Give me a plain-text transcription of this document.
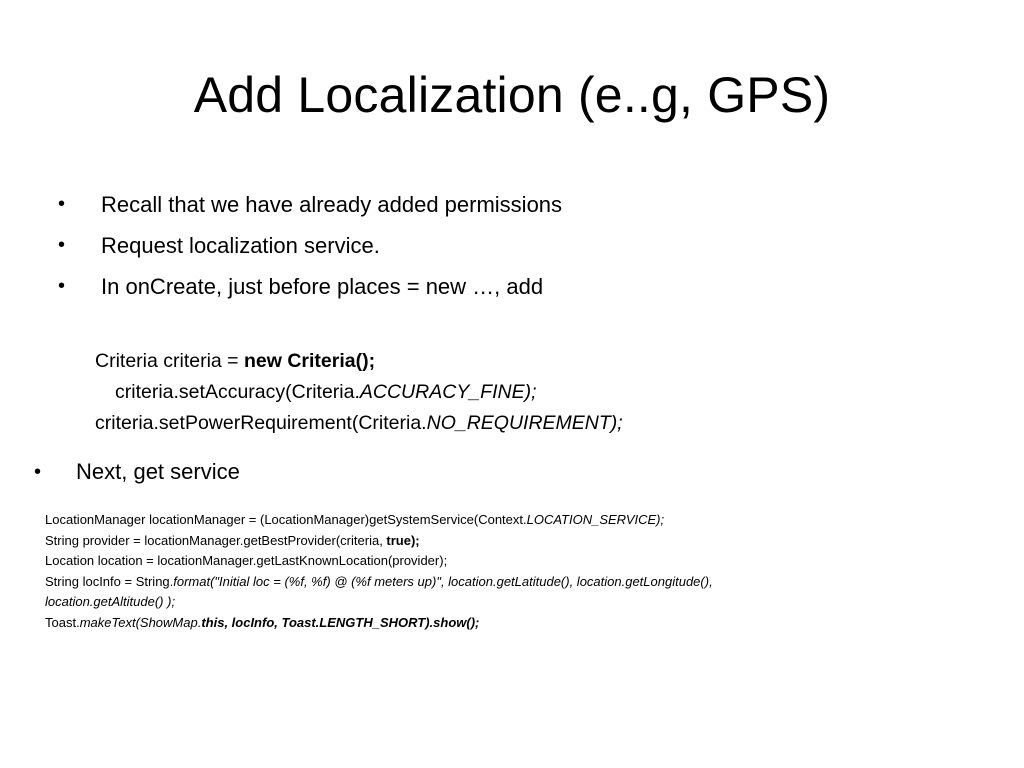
Add Localization (e..g, GPS)
• Recall that we have already added permissions
• Request localization service.
• In onCreate, just before places = new …, add
Criteria criteria = new Criteria();
criteria.setAccuracy(Criteria.ACCURACY_FINE);
criteria.setPowerRequirement(Criteria.NO_REQUIREMENT);
• Next, get service
LocationManager locationManager = (LocationManager)getSystemService(Context.LOCATION_SERVICE);
String provider = locationManager.getBestProvider(criteria, true);
Location location = locationManager.getLastKnownLocation(provider);
String locInfo = String.format("Initial loc = (%f, %f) @ (%f meters up)", location.getLatitude(), location.getLongitude(),
location.getAltitude() );
Toast.makeText(ShowMap.this, locInfo, Toast.LENGTH_SHORT).show();
